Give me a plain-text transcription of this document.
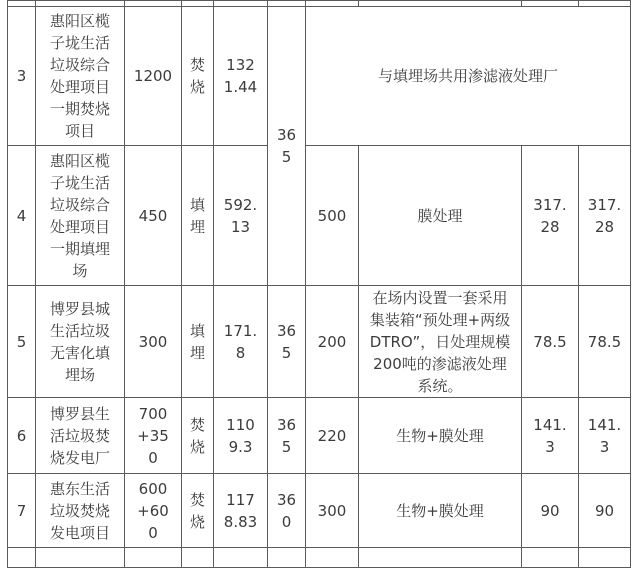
3	惠阳区榄子垅生活垃圾综合处理项目一期焚烧项目	1200	焚烧	1321.44	365	与填埋场共用渗滤液处理厂			
4	惠阳区榄子垅生活垃圾综合处理项目一期填埋场	450	填埋	592.13		500	膜处理	317.28	317.28
5	博罗县城生活垃圾无害化填埋场	300	填埋	171.8	365	200	在场内设置一套采用集装箱“预处理+两级DTRO”，日处理规模200吨的渗滤液处理系统。	78.5	78.5
6	博罗县生活垃圾焚烧发电厂	700+350	焚烧	1109.3	365	220	生物+膜处理	141.3	141.3
7	惠东生活垃圾焚烧发电项目	600+600	焚烧	1178.83	360	300	生物+膜处理	90	90
